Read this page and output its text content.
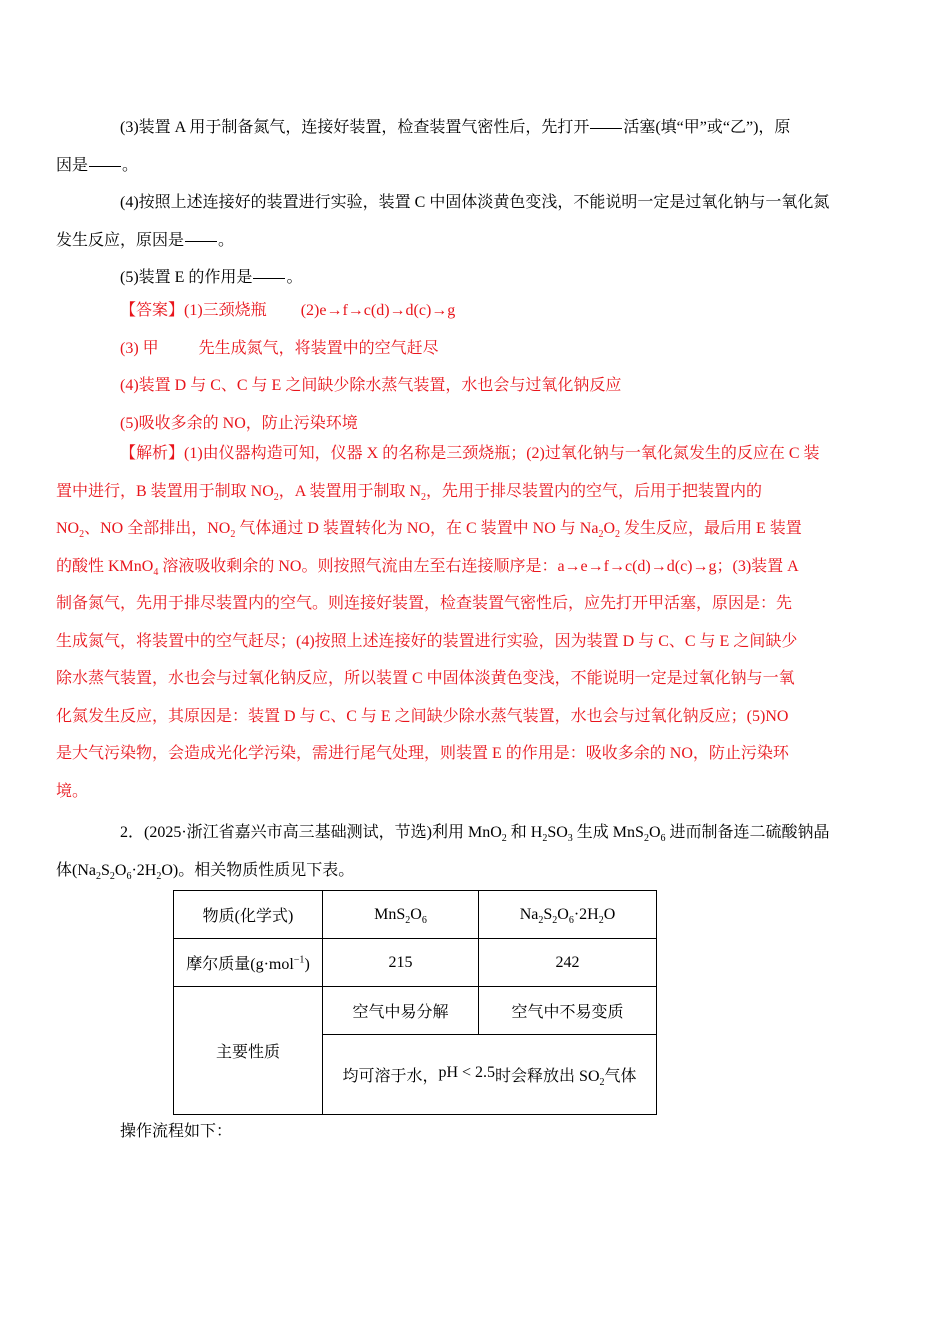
(3)装置 A 用于制备氮气，连接好装置，检查装置气密性后，先打开 活塞(填“甲”或“乙”)，原
因是 。
(4)按照上述连接好的装置进行实验，装置 C 中固体淡黄色变浅，不能说明一定是过氧化钠与一氧化氮
发生反应，原因是 。
(5)装置 E 的作用是 。
【答案】(1)三颈烧瓶 (2)e→f→c(d)→d(c)→g
(3) 甲	先生成氮气，将装置中的空气赶尽
(4)装置 D 与 C、C 与 E 之间缺少除水蒸气装置，水也会与过氧化钠反应
(5)吸收多余的 NO，防止污染环境
【解析】(1)由仪器构造可知，仪器 X 的名称是三颈烧瓶；(2)过氧化钠与一氧化氮发生的反应在 C 装
置中进行，B 装置用于制取 $NO_2$，A 装置用于制取 $N_2$，先用于排尽装置内的空气，后用于把装置内的
$NO_2$、NO 全部排出，$NO_2$ 气体通过 D 装置转化为 NO，在 C 装置中 NO 与 $Na_2O_2$ 发生反应，最后用 E 装置
的酸性 KMnO$_4$ 溶液吸收剩余的 NO。则按照气流由左至右连接顺序是：a→e→f→c(d)→d(c)→g；(3)装置 A
制备氮气，先用于排尽装置内的空气。则连接好装置，检查装置气密性后，应先打开甲活塞，原因是：先
生成氮气，将装置中的空气赶尽；(4)按照上述连接好的装置进行实验，因为装置 D 与 C、C 与 E 之间缺少
除水蒸气装置，水也会与过氧化钠反应，所以装置 C 中固体淡黄色变浅，不能说明一定是过氧化钠与一氧
化氮发生反应，其原因是：装置 D 与 C、C 与 E 之间缺少除水蒸气装置，水也会与过氧化钠反应；(5)NO
是大气污染物，会造成光化学污染，需进行尾气处理，则装置 E 的作用是：吸收多余的 NO，防止污染环
境。
2．(2025·浙江省嘉兴市高三基础测试，节选)利用 MnO$_2$ 和 $H_2SO_3$ 生成 $MnS_2O_6$ 进而制备连二硫酸钠晶
体$(Na_2S_2O_6\cdot 2H_2O)$。相关物质性质见下表。
物质(化学式)	$MnS_2O_6$	$Na_2S_2O_6\cdot 2H_2O$
摩尔质量(g·mol$^{-1}$)	215	242
主要性质	空气中易分解	空气中不易变质
	均可溶于水，pH < 2.5时会释放出 $SO_2$气体	
操作流程如下：
